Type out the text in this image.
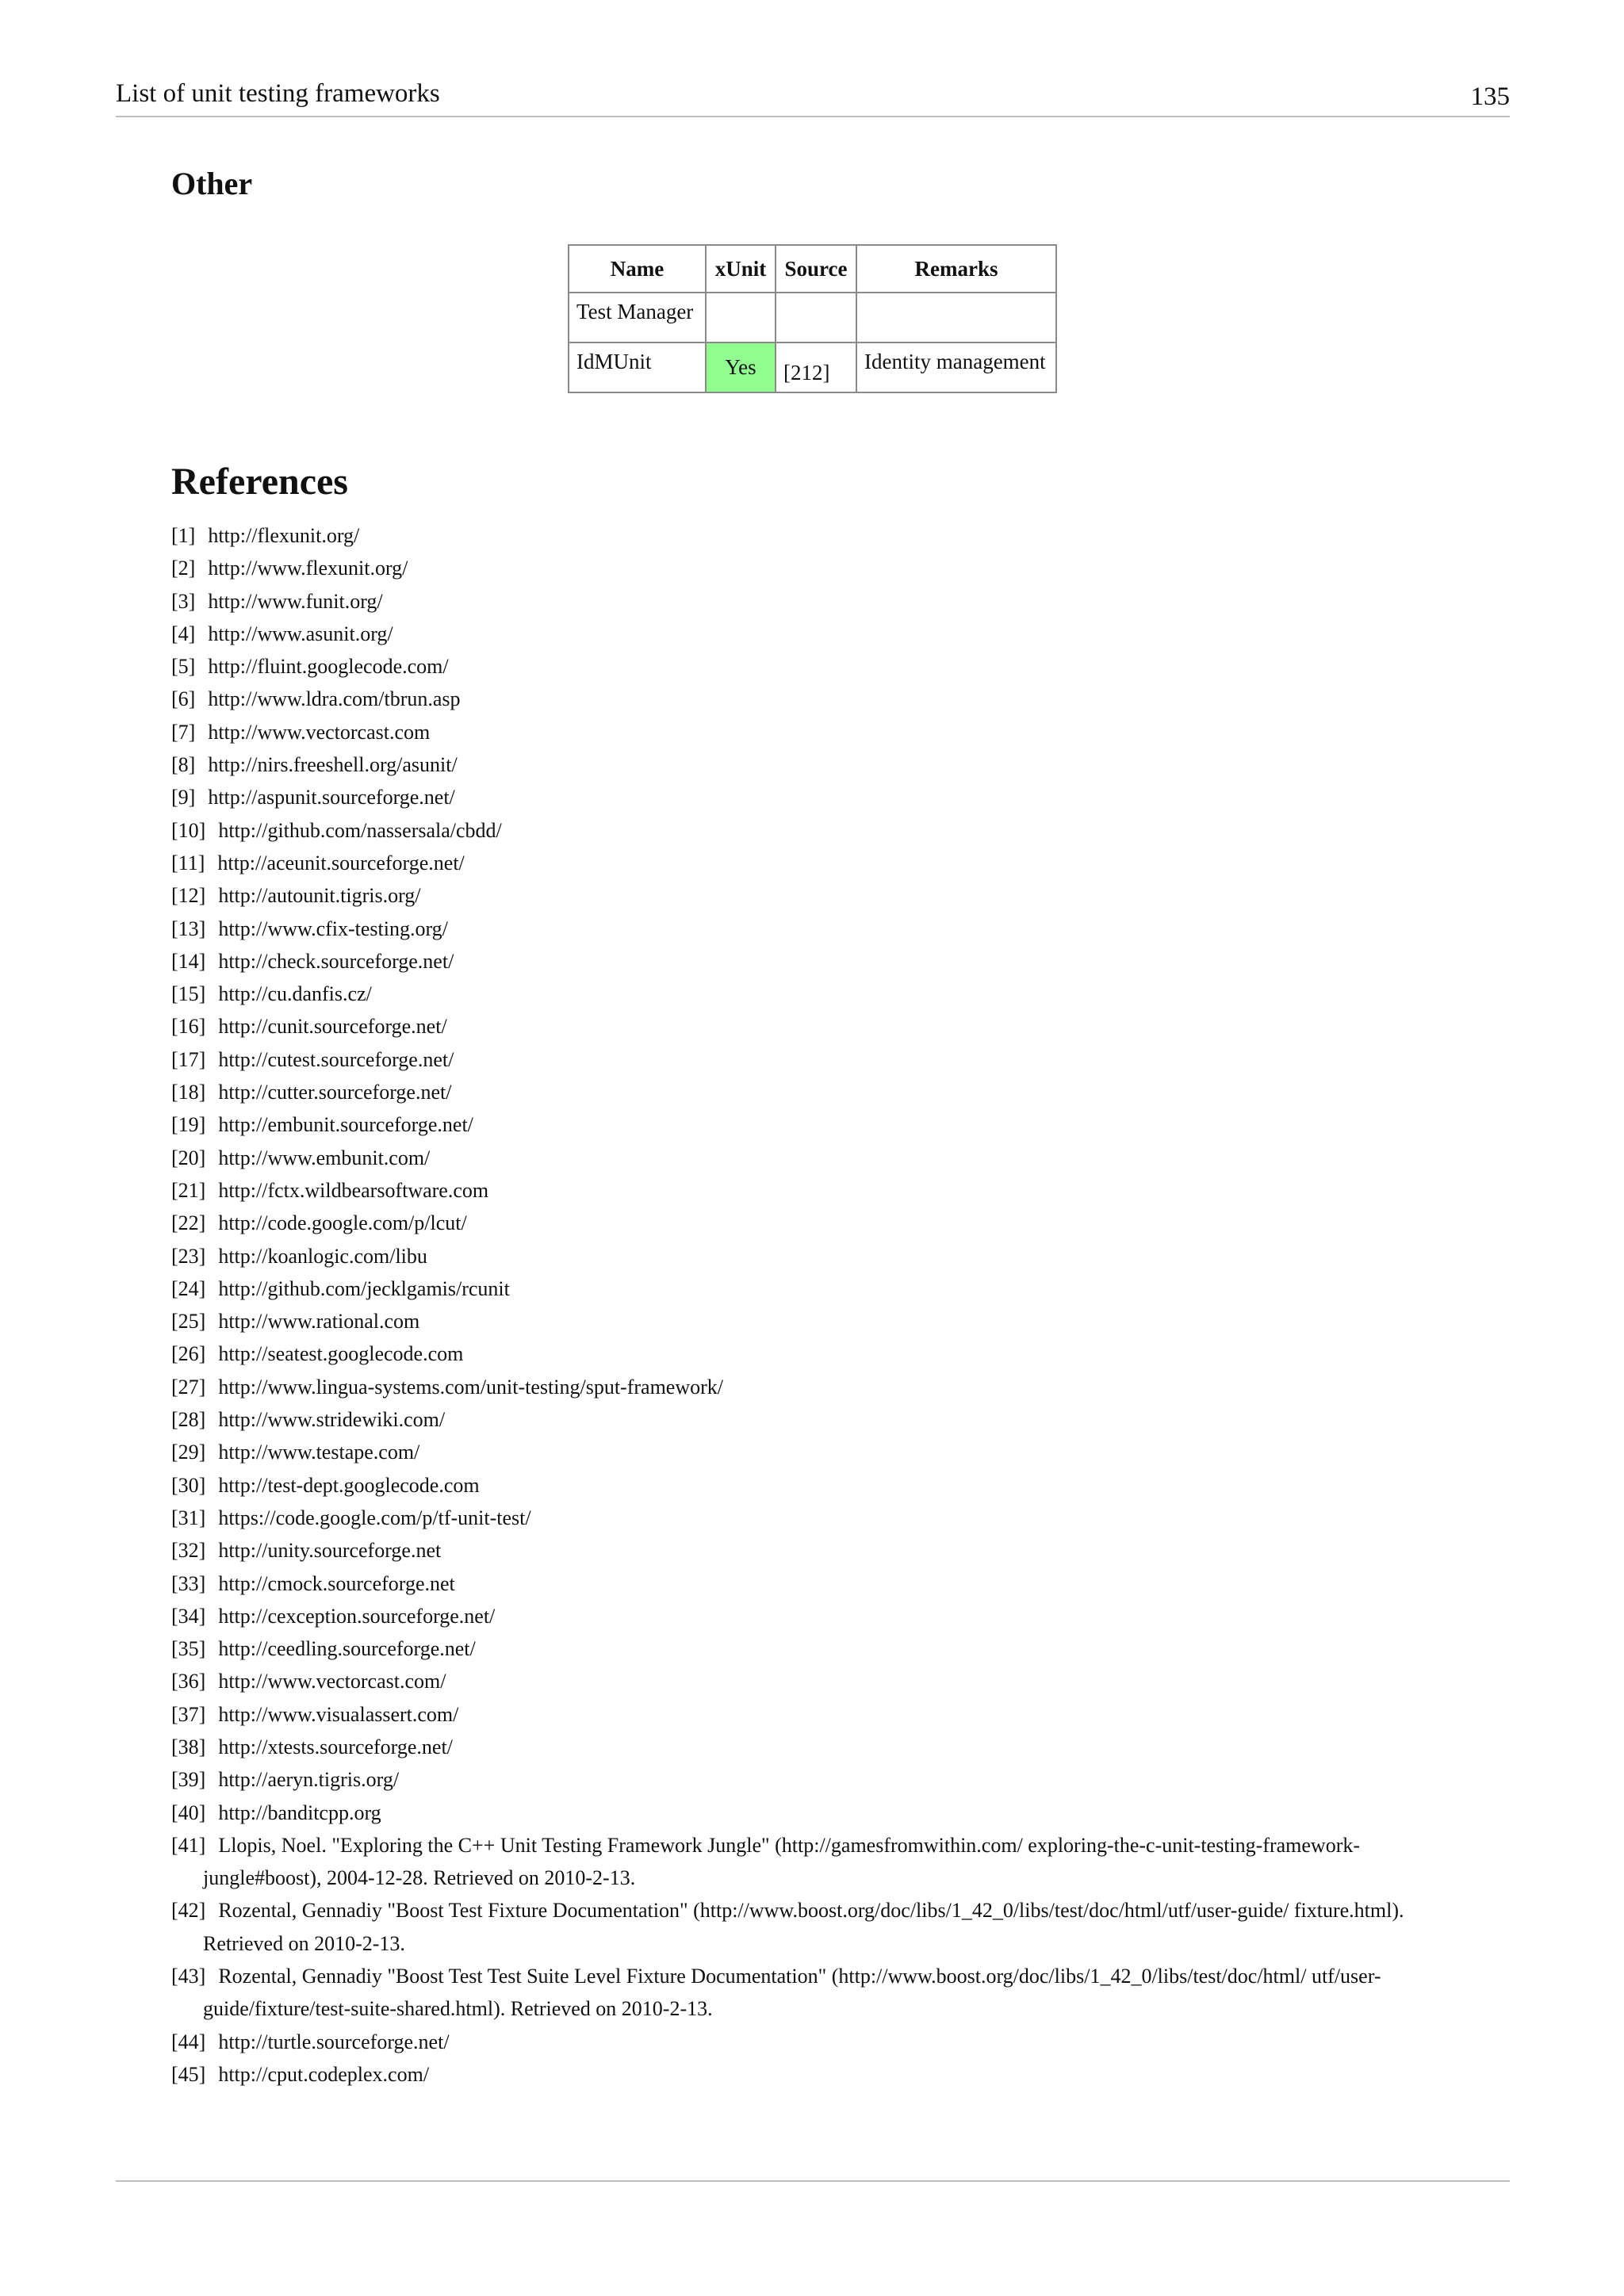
List of unit testing frameworks	135
Other
Name	xUnit	Source	Remarks
Test Manager			
IdMUnit	Yes	[212]	Identity management
References
[1] http://flexunit.org/
[2] http://www.flexunit.org/
[3] http://www.funit.org/
[4] http://www.asunit.org/
[5] http://fluint.googlecode.com/
[6] http://www.ldra.com/tbrun.asp
[7] http://www.vectorcast.com
[8] http://nirs.freeshell.org/asunit/
[9] http://aspunit.sourceforge.net/
[10] http://github.com/nassersala/cbdd/
[11] http://aceunit.sourceforge.net/
[12] http://autounit.tigris.org/
[13] http://www.cfix-testing.org/
[14] http://check.sourceforge.net/
[15] http://cu.danfis.cz/
[16] http://cunit.sourceforge.net/
[17] http://cutest.sourceforge.net/
[18] http://cutter.sourceforge.net/
[19] http://embunit.sourceforge.net/
[20] http://www.embunit.com/
[21] http://fctx.wildbearsoftware.com
[22] http://code.google.com/p/lcut/
[23] http://koanlogic.com/libu
[24] http://github.com/jecklgamis/rcunit
[25] http://www.rational.com
[26] http://seatest.googlecode.com
[27] http://www.lingua-systems.com/unit-testing/sput-framework/
[28] http://www.stridewiki.com/
[29] http://www.testape.com/
[30] http://test-dept.googlecode.com
[31] https://code.google.com/p/tf-unit-test/
[32] http://unity.sourceforge.net
[33] http://cmock.sourceforge.net
[34] http://cexception.sourceforge.net/
[35] http://ceedling.sourceforge.net/
[36] http://www.vectorcast.com/
[37] http://www.visualassert.com/
[38] http://xtests.sourceforge.net/
[39] http://aeryn.tigris.org/
[40] http://banditcpp.org
[41] Llopis, Noel. "Exploring the C++ Unit Testing Framework Jungle" (http://gamesfromwithin.com/ exploring-the-c-unit-testing-framework-jungle#boost), 2004-12-28. Retrieved on 2010-2-13.
[42] Rozental, Gennadiy "Boost Test Fixture Documentation" (http://www.boost.org/doc/libs/1_42_0/libs/test/doc/html/utf/user-guide/ fixture.html). Retrieved on 2010-2-13.
[43] Rozental, Gennadiy "Boost Test Test Suite Level Fixture Documentation" (http://www.boost.org/doc/libs/1_42_0/libs/test/doc/html/ utf/user-guide/fixture/test-suite-shared.html). Retrieved on 2010-2-13.
[44] http://turtle.sourceforge.net/
[45] http://cput.codeplex.com/
